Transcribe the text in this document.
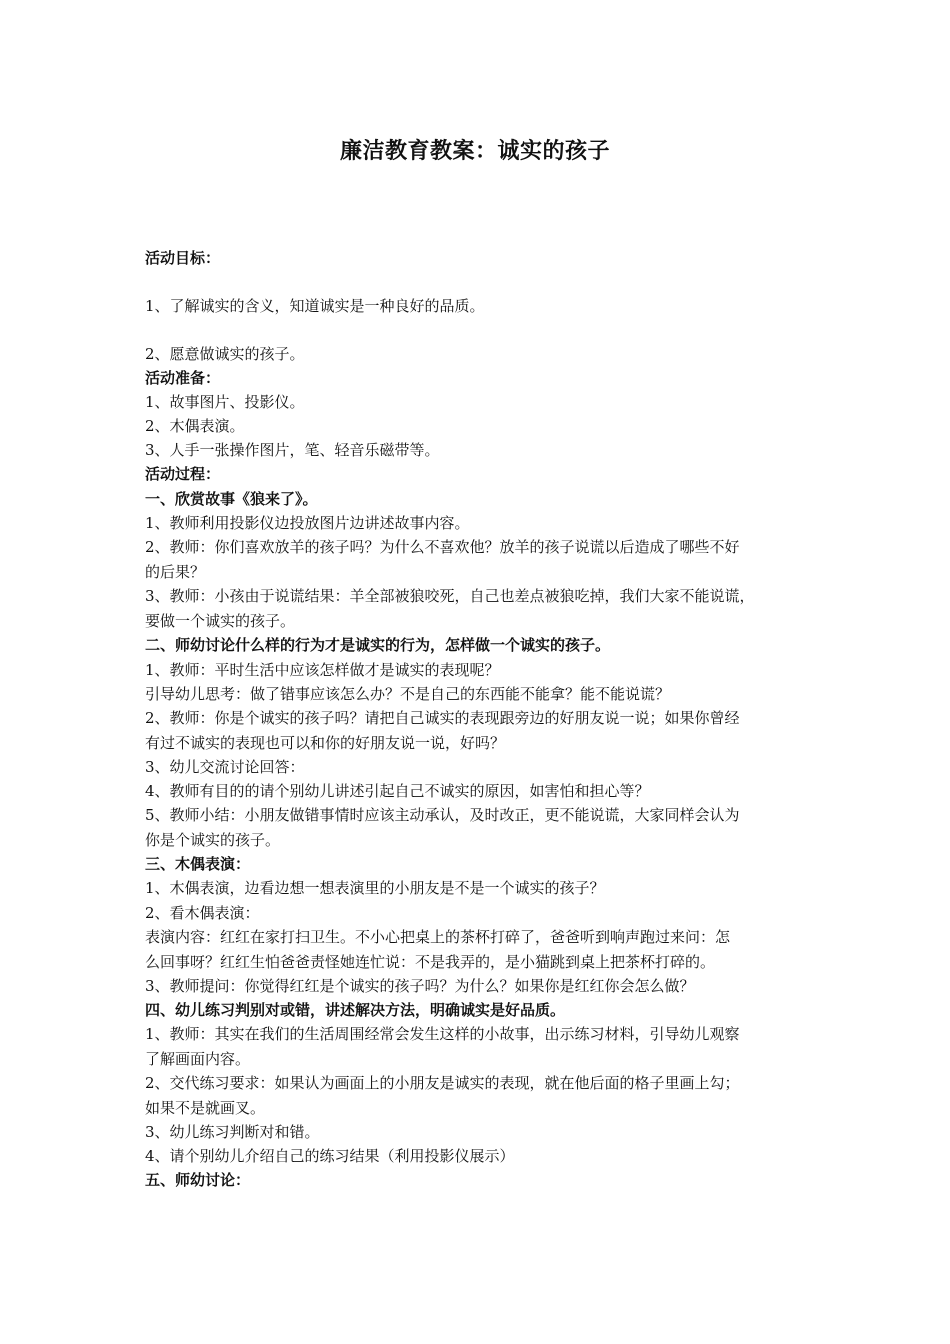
廉洁教育教案：诚实的孩子
活动目标：
1、了解诚实的含义，知道诚实是一种良好的品质。
2、愿意做诚实的孩子。
活动准备：
1、故事图片、投影仪。
2、木偶表演。
3、人手一张操作图片，笔、轻音乐磁带等。
活动过程：
一、欣赏故事《狼来了》。
1、教师利用投影仪边投放图片边讲述故事内容。
2、教师：你们喜欢放羊的孩子吗？为什么不喜欢他？放羊的孩子说谎以后造成了哪些不好
的后果？
3、教师：小孩由于说谎结果：羊全部被狼咬死，自己也差点被狼吃掉，我们大家不能说谎，
要做一个诚实的孩子。
二、师幼讨论什么样的行为才是诚实的行为，怎样做一个诚实的孩子。
1、教师：平时生活中应该怎样做才是诚实的表现呢？
引导幼儿思考：做了错事应该怎么办？不是自己的东西能不能拿？能不能说谎？
2、教师：你是个诚实的孩子吗？请把自己诚实的表现跟旁边的好朋友说一说；如果你曾经
有过不诚实的表现也可以和你的好朋友说一说，好吗？
3、幼儿交流讨论回答：
4、教师有目的的请个别幼儿讲述引起自己不诚实的原因，如害怕和担心等？
5、教师小结：小朋友做错事情时应该主动承认，及时改正，更不能说谎，大家同样会认为
你是个诚实的孩子。
三、木偶表演：
1、木偶表演，边看边想一想表演里的小朋友是不是一个诚实的孩子？
2、看木偶表演：
表演内容：红红在家打扫卫生。不小心把桌上的茶杯打碎了，爸爸听到响声跑过来问：怎
么回事呀？红红生怕爸爸责怪她连忙说：不是我弄的，是小猫跳到桌上把茶杯打碎的。
3、教师提问：你觉得红红是个诚实的孩子吗？为什么？如果你是红红你会怎么做？
四、幼儿练习判别对或错，讲述解决方法，明确诚实是好品质。
1、教师：其实在我们的生活周围经常会发生这样的小故事，出示练习材料，引导幼儿观察
了解画面内容。
2、交代练习要求：如果认为画面上的小朋友是诚实的表现，就在他后面的格子里画上勾；
如果不是就画叉。
3、幼儿练习判断对和错。
4、请个别幼儿介绍自己的练习结果（利用投影仪展示）
五、师幼讨论：
